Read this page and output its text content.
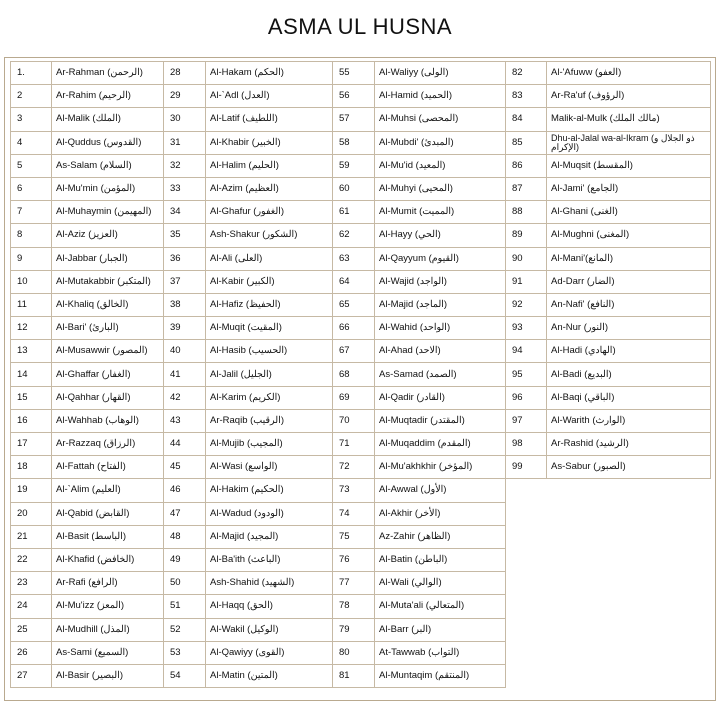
ASMA UL HUSNA
1.	Ar-Rahman (الرحمن)	28	Al-Hakam (الحكم)	55	Al-Waliyy (الولى)	82	Al-'Afuww (العفو)
2	Ar-Rahim (الرحيم)	29	Al-`Adl (العدل)	56	Al-Hamid (الحميد)	83	Ar-Ra'uf (الرؤوف)
3	Al-Malik (الملك)	30	Al-Latif (اللطيف)	57	Al-Muhsi (المحصى)	84	Malik-al-Mulk (مالك الملك)
4	Al-Quddus (القدوس)	31	Al-Khabir (الخبير)	58	Al-Mubdi' (المبدئ)	85	Dhu-al-Jalal wa-al-Ikram (ذو الجلال و الإكرام)
5	As-Salam (السلام)	32	Al-Halim (الحليم)	59	Al-Mu'id (المعيد)	86	Al-Muqsit (المقسط)
6	Al-Mu'min (المؤمن)	33	Al-Azim (العظيم)	60	Al-Muhyi (المحيى)	87	Al-Jami' (الجامع)
7	Al-Muhaymin (المهيمن)	34	Al-Ghafur (الغفور)	61	Al-Mumit (المميت)	88	Al-Ghani (الغنى)
8	Al-Aziz (العزيز)	35	Ash-Shakur (الشكور)	62	Al-Hayy (الحي)	89	Al-Mughni (المغنى)
9	Al-Jabbar (الجبار)	36	Al-Ali (العلى)	63	Al-Qayyum (القيوم)	90	Al-Mani'(المانع)
10	Al-Mutakabbir (المتكبر)	37	Al-Kabir (الكبير)	64	Al-Wajid (الواجد)	91	Ad-Darr (الضار)
11	Al-Khaliq (الخالق)	38	Al-Hafiz (الحفيظ)	65	Al-Majid (الماجد)	92	An-Nafi' (النافع)
12	Al-Bari' (البارئ)	39	Al-Muqit (المقيت)	66	Al-Wahid (الواحد)	93	An-Nur (النور)
13	Al-Musawwir (المصور)	40	Al-Hasib (الحسيب)	67	Al-Ahad (الاحد)	94	Al-Hadi (الهادي)
14	Al-Ghaffar (الغفار)	41	Al-Jalil (الجليل)	68	As-Samad (الصمد)	95	Al-Badi (البديع)
15	Al-Qahhar (القهار)	42	Al-Karim (الكريم)	69	Al-Qadir (القادر)	96	Al-Baqi (الباقي)
16	Al-Wahhab (الوهاب)	43	Ar-Raqib (الرقيب)	70	Al-Muqtadir (المقتدر)	97	Al-Warith (الوارث)
17	Ar-Razzaq (الرزاق)	44	Al-Mujib (المجيب)	71	Al-Muqaddim (المقدم)	98	Ar-Rashid (الرشيد)
18	Al-Fattah (الفتاح)	45	Al-Wasi (الواسع)	72	Al-Mu'akhkhir (المؤخر)	99	As-Sabur (الصبور)
19	Al-`Alim (العليم)	46	Al-Hakim (الحكيم)	73	Al-Awwal (الأول)		
20	Al-Qabid (القابض)	47	Al-Wadud (الودود)	74	Al-Akhir (الأخر)		
21	Al-Basit (الباسط)	48	Al-Majid (المجيد)	75	Az-Zahir (الظاهر)		
22	Al-Khafid (الخافض)	49	Al-Ba'ith (الباعث)	76	Al-Batin (الباطن)		
23	Ar-Rafi (الرافع)	50	Ash-Shahid (الشهيد)	77	Al-Wali (الوالي)		
24	Al-Mu'izz (المعز)	51	Al-Haqq (الحق)	78	Al-Muta'ali (المتعالي)		
25	Al-Mudhill (المذل)	52	Al-Wakil (الوكيل)	79	Al-Barr (البر)		
26	As-Sami (السميع)	53	Al-Qawiyy (القوى)	80	At-Tawwab (التواب)		
27	Al-Basir (البصير)	54	Al-Matin (المتين)	81	Al-Muntaqim (المنتقم)		
